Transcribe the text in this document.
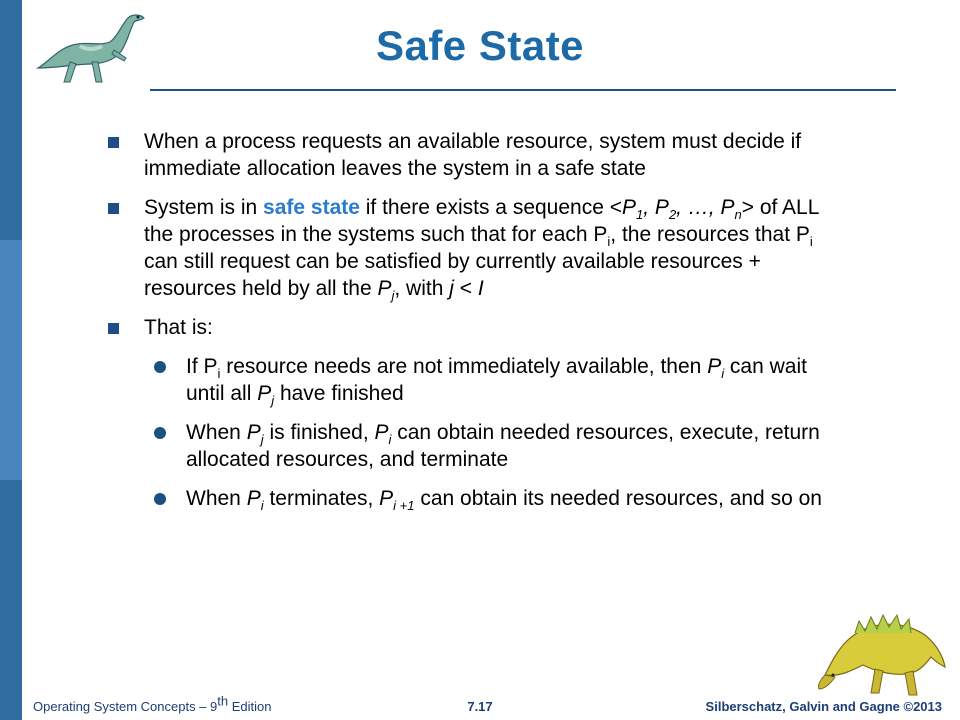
Safe State
When a process requests an available resource, system must decide if immediate allocation leaves the system in a safe state
System is in safe state if there exists a sequence $<P_1$, $P_2$, …, $P_n>$ of ALL the processes in the systems such that for each $P_i$, the resources that $P_i$ can still request can be satisfied by currently available resources + resources held by all the $P_j$, with j < I
That is:
If $P_i$ resource needs are not immediately available, then $P_i$ can wait until all $P_j$ have finished
When $P_j$ is finished, $P_i$ can obtain needed resources, execute, return allocated resources, and terminate
When $P_i$ terminates, $P_{i +1}$ can obtain its needed resources, and so on
Operating System Concepts – 9th Edition	7.17	Silberschatz, Galvin and Gagne ©2013
